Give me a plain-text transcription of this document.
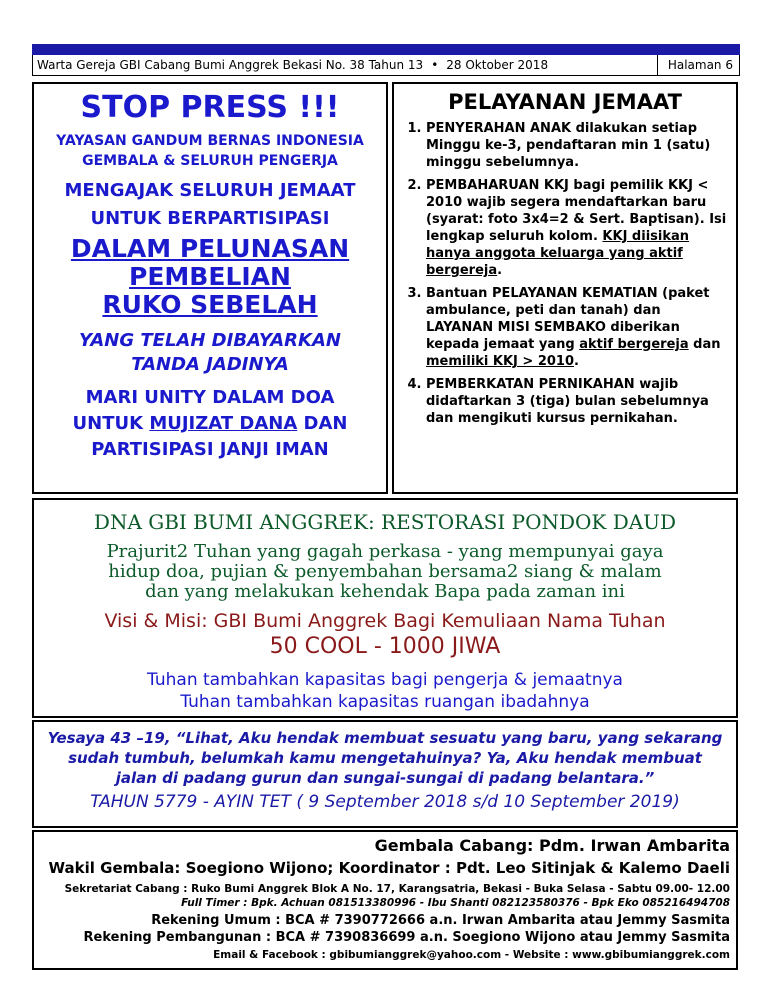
Warta Gereja GBI Cabang Bumi Anggrek Bekasi No. 38 Tahun 13 • 28 Oktober 2018	Halaman 6
STOP PRESS !!!
YAYASAN GANDUM BERNAS INDONESIA
GEMBALA & SELURUH PENGERJA
MENGAJAK SELURUH JEMAAT
UNTUK BERPARTISIPASI
DALAM PELUNASAN
PEMBELIAN
RUKO SEBELAH
YANG TELAH DIBAYARKAN
TANDA JADINYA
MARI UNITY DALAM DOA
UNTUK MUJIZAT DANA DAN
PARTISIPASI JANJI IMAN
PELAYANAN JEMAAT
1. PENYERAHAN ANAK dilakukan setiap Minggu ke-3, pendaftaran min 1 (satu) minggu sebelumnya.
2. PEMBAHARUAN KKJ bagi pemilik KKJ < 2010 wajib segera mendaftarkan baru (syarat: foto 3x4=2 & Sert. Baptisan). Isi lengkap seluruh kolom. KKJ diisikan hanya anggota keluarga yang aktif bergereja.
3. Bantuan PELAYANAN KEMATIAN (paket ambulance, peti dan tanah) dan LAYANAN MISI SEMBAKO diberikan kepada jemaat yang aktif bergereja dan memiliki KKJ > 2010.
4. PEMBERKATAN PERNIKAHAN wajib didaftarkan 3 (tiga) bulan sebelumnya dan mengikuti kursus pernikahan.
DNA GBI BUMI ANGGREK: RESTORASI PONDOK DAUD
Prajurit2 Tuhan yang gagah perkasa - yang mempunyai gaya
hidup doa, pujian & penyembahan bersama2 siang & malam
dan yang melakukan kehendak Bapa pada zaman ini
Visi & Misi: GBI Bumi Anggrek Bagi Kemuliaan Nama Tuhan
50 COOL - 1000 JIWA
Tuhan tambahkan kapasitas bagi pengerja & jemaatnya
Tuhan tambahkan kapasitas ruangan ibadahnya
Yesaya 43 –19, “Lihat, Aku hendak membuat sesuatu yang baru, yang sekarang
sudah tumbuh, belumkah kamu mengetahuinya? Ya, Aku hendak membuat
jalan di padang gurun dan sungai-sungai di padang belantara.”
TAHUN 5779 - AYIN TET ( 9 September 2018 s/d 10 September 2019)
Gembala Cabang: Pdm. Irwan Ambarita
Wakil Gembala: Soegiono Wijono; Koordinator : Pdt. Leo Sitinjak & Kalemo Daeli
Sekretariat Cabang : Ruko Bumi Anggrek Blok A No. 17, Karangsatria, Bekasi - Buka Selasa - Sabtu 09.00- 12.00
Full Timer : Bpk. Achuan 081513380996 - Ibu Shanti 082123580376 - Bpk Eko 085216494708
Rekening Umum : BCA # 7390772666 a.n. Irwan Ambarita atau Jemmy Sasmita
Rekening Pembangunan : BCA # 7390836699 a.n. Soegiono Wijono atau Jemmy Sasmita
Email & Facebook : gbibumianggrek@yahoo.com - Website : www.gbibumianggrek.com
